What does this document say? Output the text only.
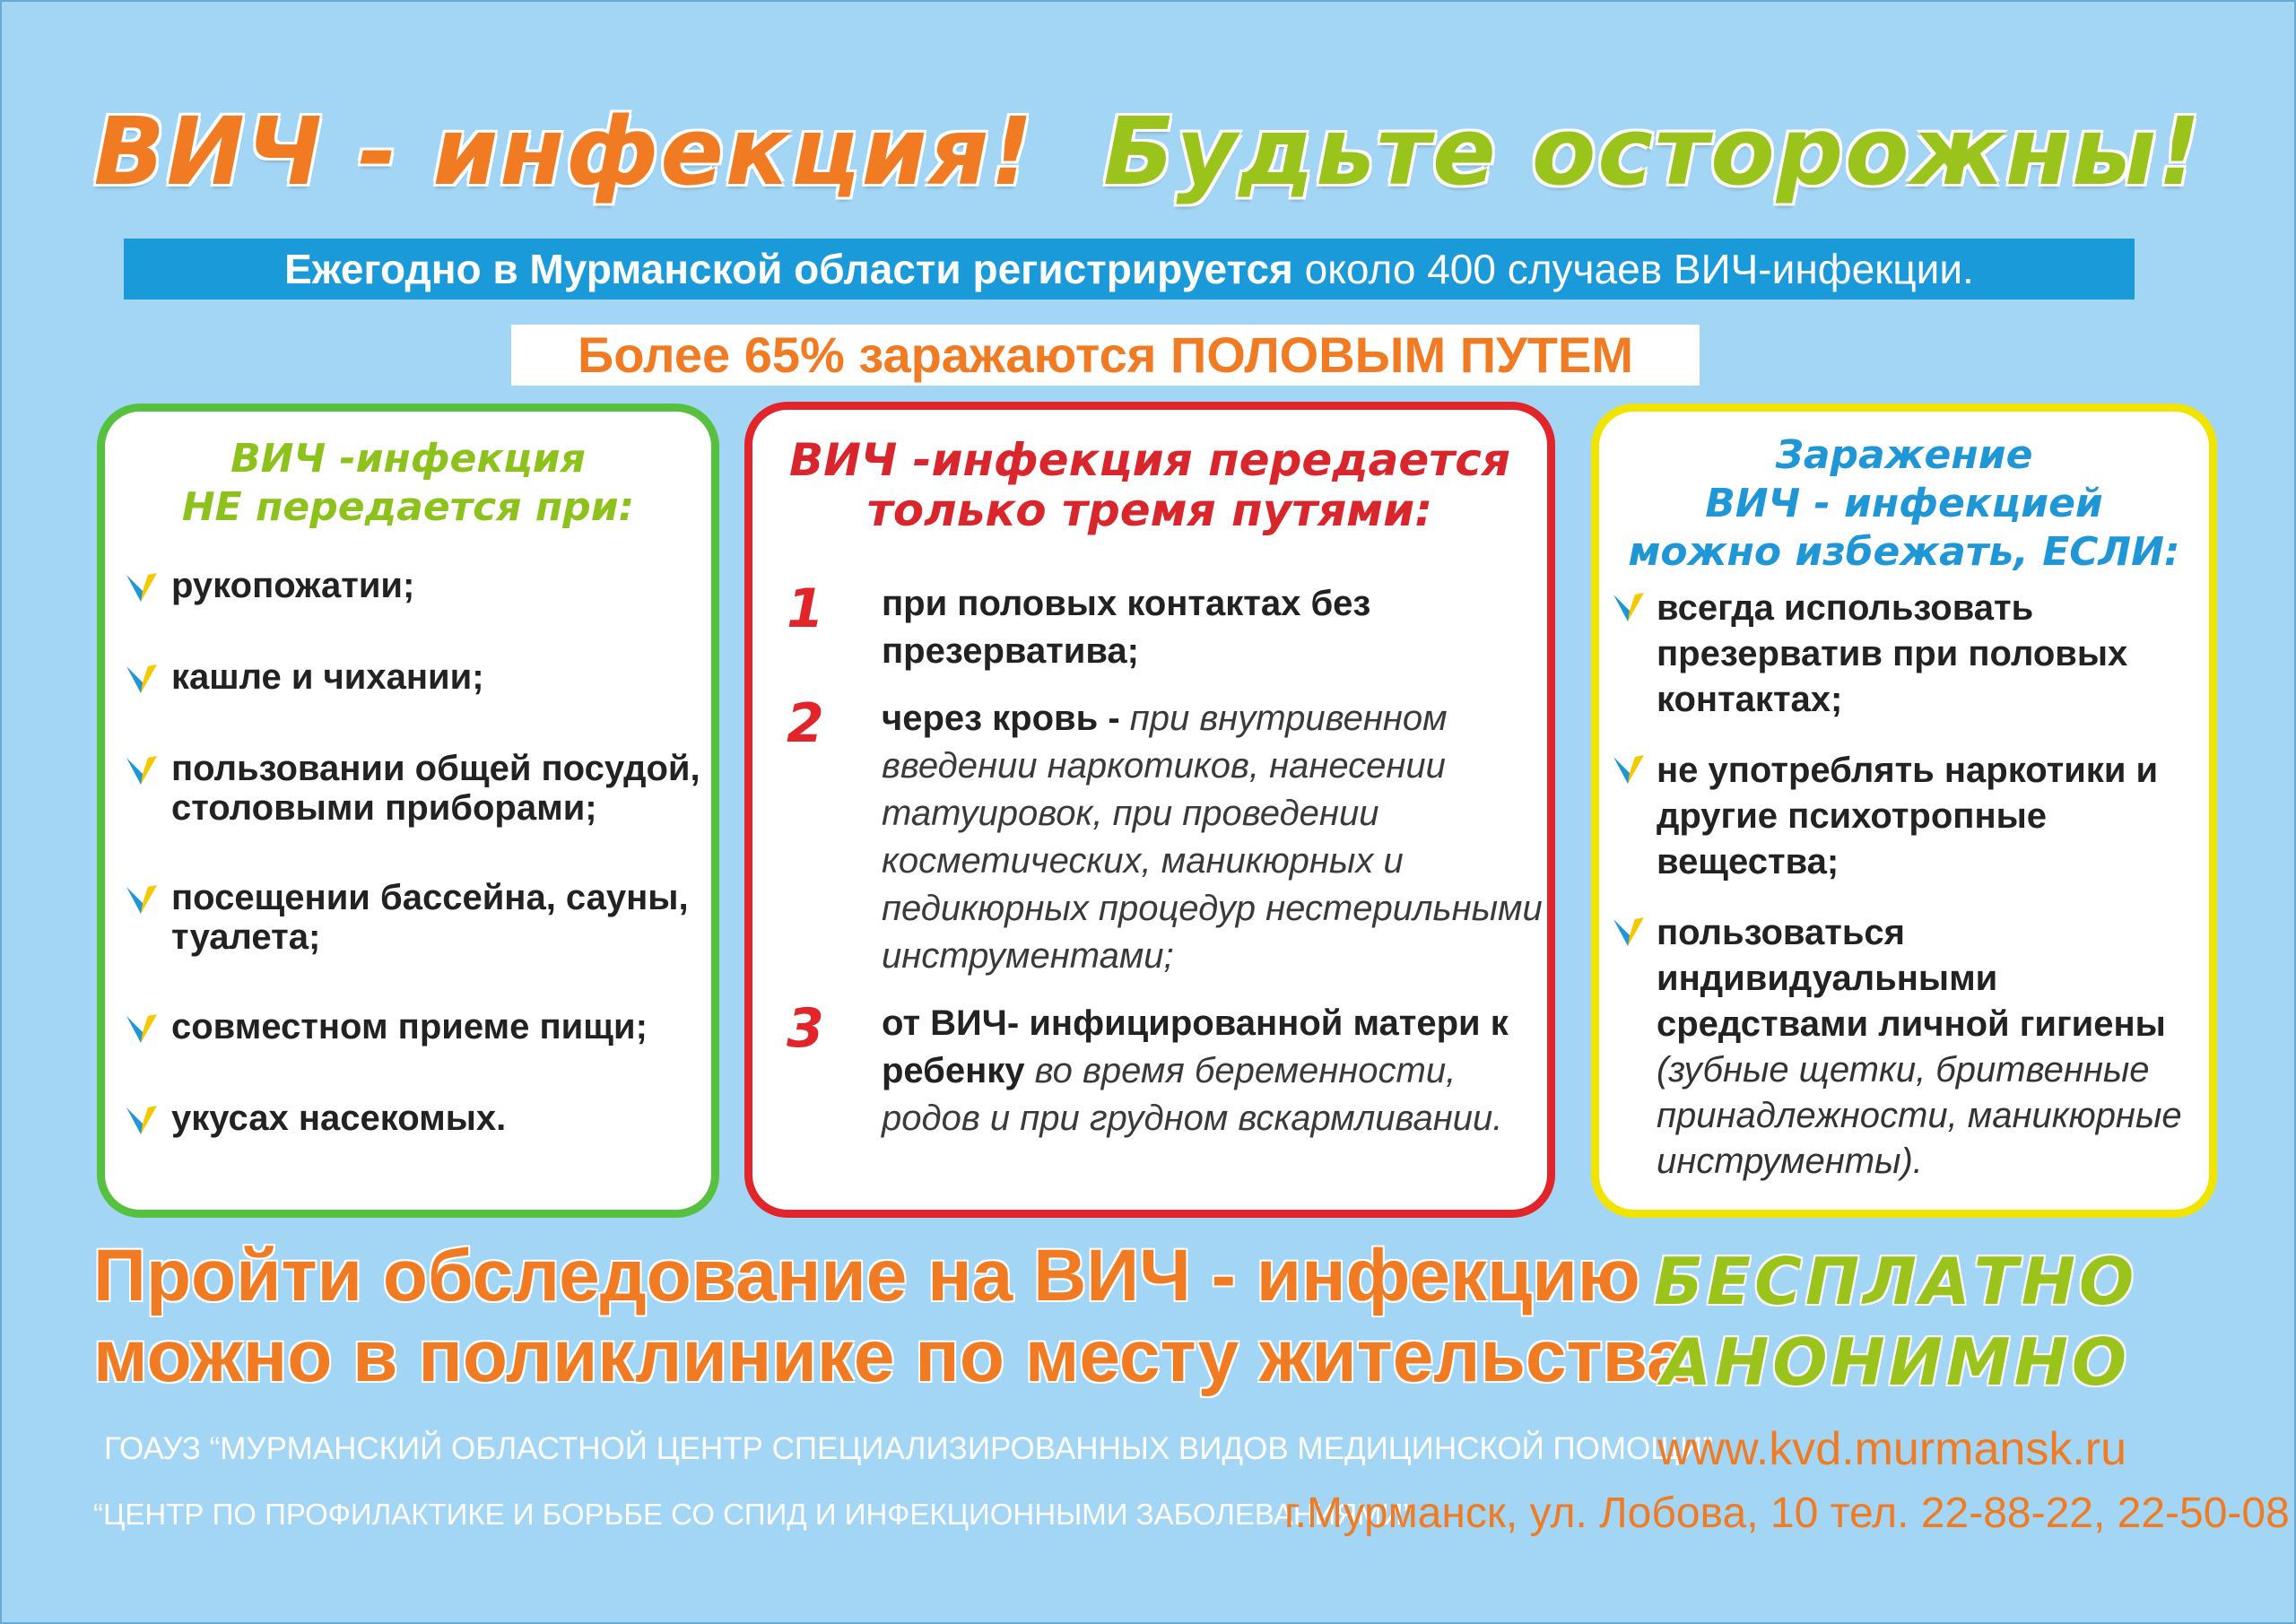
ВИЧ - инфекция! Будьте осторожны!
Ежегодно в Мурманской области регистрируется около 400 случаев ВИЧ-инфекции.
Более 65% заражаются ПОЛОВЫМ ПУТЕМ
ВИЧ -инфекция
НЕ передается при:
рукопожатии;
кашле и чихании;
пользовании общей посудой, столовыми приборами;
посещении бассейна, сауны, туалета;
совместном приеме пищи;
укусах насекомых.
ВИЧ -инфекция передается
только тремя путями:
1 при половых контактах без презерватива;
2 через кровь - при внутривенном введении наркотиков, нанесении татуировок, при проведении косметических, маникюрных и педикюрных процедур нестерильными инструментами;
3 от ВИЧ- инфицированной матери к ребенку во время беременности, родов и при грудном вскармливании.
Заражение
ВИЧ - инфекцией
можно избежать, ЕСЛИ:
всегда использовать презерватив при половых контактах;
не употреблять наркотики и другие психотропные вещества;
пользоваться индивидуальными средствами личной гигиены (зубные щетки, бритвенные принадлежности, маникюрные инструменты).
Пройти обследование на ВИЧ - инфекцию
можно в поликлинике по месту жительства
БЕСПЛАТНО
АНОНИМНО
ГОАУЗ “МУРМАНСКИЙ ОБЛАСТНОЙ ЦЕНТР СПЕЦИАЛИЗИРОВАННЫХ ВИДОВ МЕДИЦИНСКОЙ ПОМОЩИ”
www.kvd.murmansk.ru
“ЦЕНТР ПО ПРОФИЛАКТИКЕ И БОРЬБЕ СО СПИД И ИНФЕКЦИОННЫМИ ЗАБОЛЕВАНИЯМИ”
г.Мурманск, ул. Лобова, 10 тел. 22-88-22, 22-50-08
